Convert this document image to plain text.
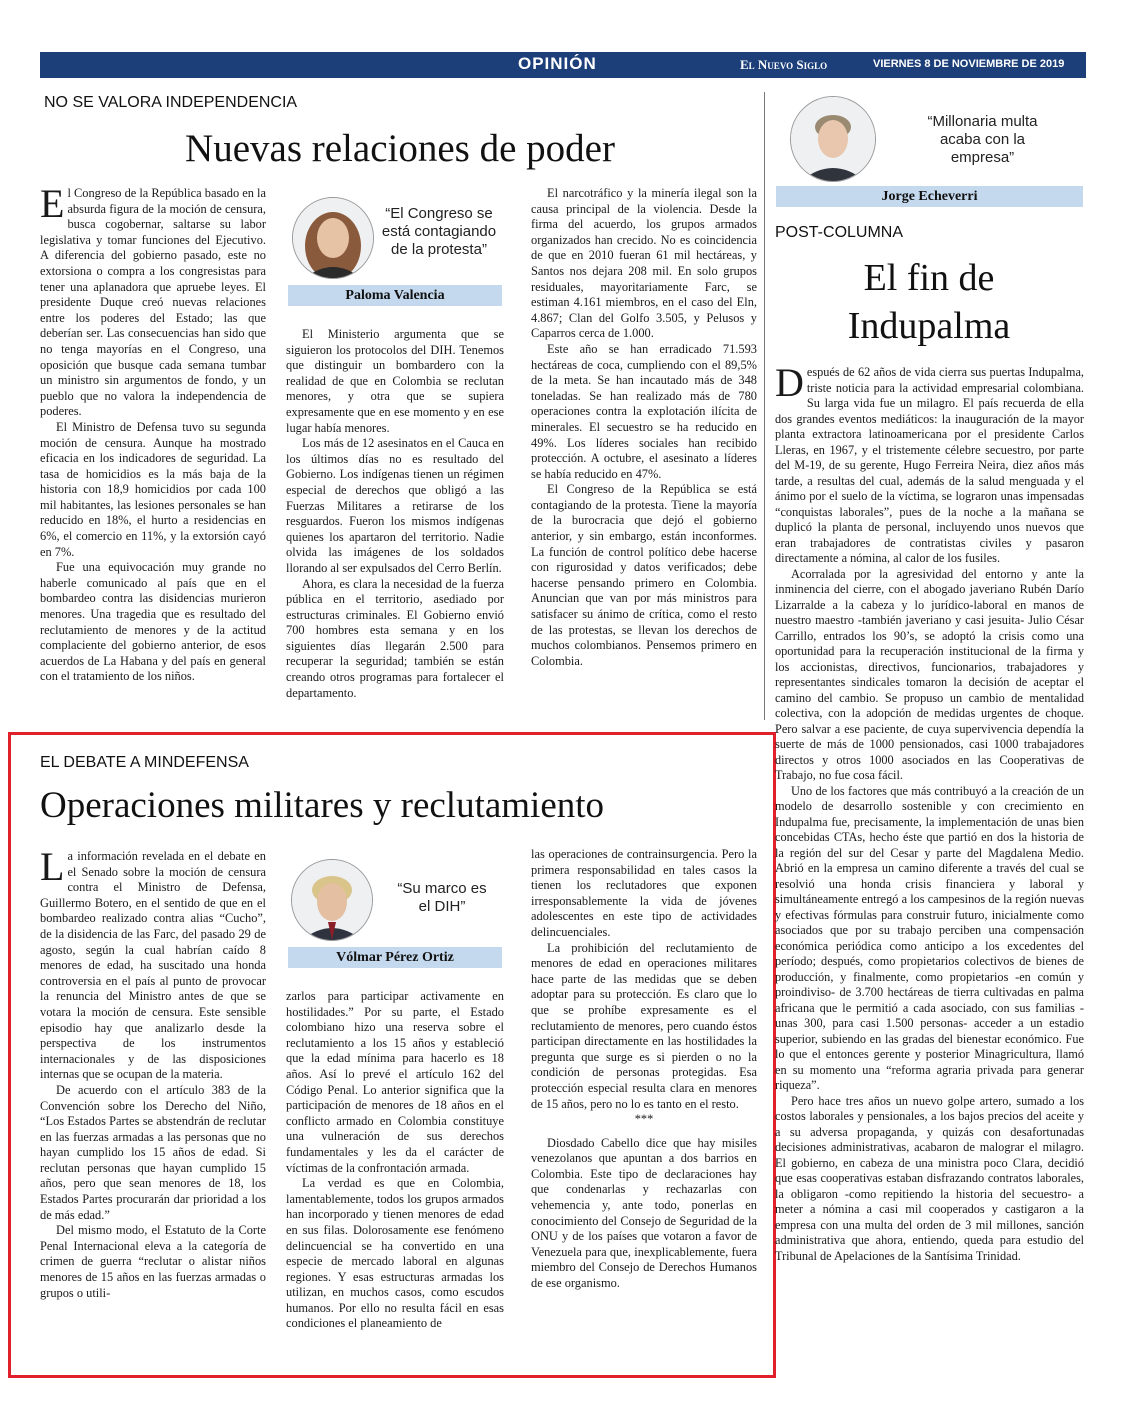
OPINIÓN	El Nuevo Siglo	VIERNES 8 DE NOVIEMBRE DE 2019 9A
NO SE VALORA INDEPENDENCIA
Nuevas relaciones de poder

El Congreso de la República basado en la absurda figura de la moción de censura, busca cogobernar, saltarse su labor legislativa y tomar funciones del Ejecutivo. A diferencia del gobierno pasado, este no extorsiona o compra a los congresistas para tener una aplanadora que apruebe leyes. El presidente Duque creó nuevas relaciones entre los poderes del Estado; las que deberían ser. Las consecuencias han sido que no tenga mayorías en el Congreso, una oposición que busque cada semana tumbar un ministro sin argumentos de fondo, y un pueblo que no valora la independencia de poderes.

El Ministro de Defensa tuvo su segunda moción de censura. Aunque ha mostrado eficacia en los indicadores de seguridad. La tasa de homicidios es la más baja de la historia con 18,9 homicidios por cada 100 mil habitantes, las lesiones personales se han reducido en 18%, el hurto a residencias en 6%, el comercio en 11%, y la extorsión cayó en 7%.

Fue una equivocación muy grande no haberle comunicado al país que en el bombardeo contra las disidencias murieron menores. Una tragedia que es resultado del reclutamiento de menores y de la actitud complaciente del gobierno anterior, de esos acuerdos de La Habana y del país en general con el tratamiento de los niños.

“El Congreso se está contagiando de la protesta”
Paloma Valencia

El Ministerio argumenta que se siguieron los protocolos del DIH. Tenemos que distinguir un bombardero con la realidad de que en Colombia se reclutan menores, y otra que se supiera expresamente que en ese momento y en ese lugar había menores.

Los más de 12 asesinatos en el Cauca en los últimos días no es resultado del Gobierno. Los indígenas tienen un régimen especial de derechos que obligó a las Fuerzas Militares a retirarse de los resguardos. Fueron los mismos indígenas quienes los apartaron del territorio. Nadie olvida las imágenes de los soldados llorando al ser expulsados del Cerro Berlín.

Ahora, es clara la necesidad de la fuerza pública en el territorio, asediado por estructuras criminales. El Gobierno envió 700 hombres esta semana y en los siguientes días llegarán 2.500 para recuperar la seguridad; también se están creando otros programas para fortalecer el departamento.

El narcotráfico y la minería ilegal son la causa principal de la violencia. Desde la firma del acuerdo, los grupos armados organizados han crecido. No es coincidencia de que en 2010 fueran 61 mil hectáreas, y Santos nos dejara 208 mil. En solo grupos residuales, mayoritariamente Farc, se estiman 4.161 miembros, en el caso del Eln, 4.867; Clan del Golfo 3.505, y Pelusos y Caparros cerca de 1.000.

Este año se han erradicado 71.593 hectáreas de coca, cumpliendo con el 89,5% de la meta. Se han incautado más de 348 toneladas. Se han realizado más de 780 operaciones contra la explotación ilícita de minerales. El secuestro se ha reducido en 49%. Los líderes sociales han recibido protección. A octubre, el asesinato a líderes se había reducido en 47%.

El Congreso de la República se está contagiando de la protesta. Tiene la mayoría de la burocracia que dejó el gobierno anterior, y sin embargo, están inconformes. La función de control político debe hacerse con rigurosidad y datos verificados; debe hacerse pensando primero en Colombia. Anuncian que van por más ministros para satisfacer su ánimo de crítica, como el resto de las protestas, se llevan los derechos de muchos colombianos. Pensemos primero en Colombia.

EL DEBATE A MINDEFENSA
Operaciones militares y reclutamiento

La información revelada en el debate en el Senado sobre la moción de censura contra el Ministro de Defensa, Guillermo Botero, en el sentido de que en el bombardeo realizado contra alias “Cucho”, de la disidencia de las Farc, del pasado 29 de agosto, según la cual habrían caído 8 menores de edad, ha suscitado una honda controversia en el país al punto de provocar la renuncia del Ministro antes de que se votara la moción de censura. Este sensible episodio hay que analizarlo desde la perspectiva de los instrumentos internacionales y de las disposiciones internas que se ocupan de la materia.

De acuerdo con el artículo 383 de la Convención sobre los Derecho del Niño, “Los Estados Partes se abstendrán de reclutar en las fuerzas armadas a las personas que no hayan cumplido los 15 años de edad. Si reclutan personas que hayan cumplido 15 años, pero que sean menores de 18, los Estados Partes procurarán dar prioridad a los de más edad.”

Del mismo modo, el Estatuto de la Corte Penal Internacional eleva a la categoría de crimen de guerra “reclutar o alistar niños menores de 15 años en las fuerzas armadas o grupos o utili-

“Su marco es el DIH”
Vólmar Pérez Ortiz

zarlos para participar activamente en hostilidades.” Por su parte, el Estado colombiano hizo una reserva sobre el reclutamiento a los 15 años y estableció que la edad mínima para hacerlo es 18 años. Así lo prevé el artículo 162 del Código Penal. Lo anterior significa que la participación de menores de 18 años en el conflicto armado en Colombia constituye una vulneración de sus derechos fundamentales y les da el carácter de víctimas de la confrontación armada.

La verdad es que en Colombia, lamentablemente, todos los grupos armados han incorporado y tienen menores de edad en sus filas. Dolorosamente ese fenómeno delincuencial se ha convertido en una especie de mercado laboral en algunas regiones. Y esas estructuras armadas los utilizan, en muchos casos, como escudos humanos. Por ello no resulta fácil en esas condiciones el planeamiento de

las operaciones de contrainsurgencia. Pero la primera responsabilidad en tales casos la tienen los reclutadores que exponen irresponsablemente la vida de jóvenes adolescentes en este tipo de actividades delincuenciales.

La prohibición del reclutamiento de menores de edad en operaciones militares hace parte de las medidas que se deben adoptar para su protección. Es claro que lo que se prohíbe expresamente es el reclutamiento de menores, pero cuando éstos participan directamente en las hostilidades la pregunta que surge es si pierden o no la condición de personas protegidas. Esa protección especial resulta clara en menores de 15 años, pero no lo es tanto en el resto.

***

Diosdado Cabello dice que hay misiles venezolanos que apuntan a dos barrios en Colombia. Este tipo de declaraciones hay que condenarlas y rechazarlas con vehemencia y, ante todo, ponerlas en conocimiento del Consejo de Seguridad de la ONU y de los países que votaron a favor de Venezuela para que, inexplicablemente, fuera miembro del Consejo de Derechos Humanos de ese organismo.

“Millonaria multa acaba con la empresa”
Jorge Echeverri
POST-COLUMNA
El fin de
Indupalma

Después de 62 años de vida cierra sus puertas Indupalma, triste noticia para la actividad empresarial colombiana. Su larga vida fue un milagro. El país recuerda de ella dos grandes eventos mediáticos: la inauguración de la mayor planta extractora latinoamericana por el presidente Carlos Lleras, en 1967, y el tristemente célebre secuestro, por parte del M-19, de su gerente, Hugo Ferreira Neira, diez años más tarde, a resultas del cual, además de la salud menguada y el ánimo por el suelo de la víctima, se lograron unas impensadas “conquistas laborales”, pues de la noche a la mañana se duplicó la planta de personal, incluyendo unos nuevos que eran trabajadores de contratistas civiles y pasaron directamente a nómina, al calor de los fusiles.

Acorralada por la agresividad del entorno y ante la inminencia del cierre, con el abogado javeriano Rubén Darío Lizarralde a la cabeza y lo jurídico-laboral en manos de nuestro maestro -también javeriano y casi jesuita- Julio César Carrillo, entrados los 90’s, se adoptó la crisis como una oportunidad para la recuperación institucional de la firma y los accionistas, directivos, funcionarios, trabajadores y representantes sindicales tomaron la decisión de aceptar el camino del cambio. Se propuso un cambio de mentalidad colectiva, con la adopción de medidas urgentes de choque. Pero salvar a ese paciente, de cuya supervivencia dependía la suerte de más de 1000 pensionados, casi 1000 trabajadores directos y otros 1000 asociados en las Cooperativas de Trabajo, no fue cosa fácil.

Uno de los factores que más contribuyó a la creación de un modelo de desarrollo sostenible y con crecimiento en Indupalma fue, precisamente, la implementación de unas bien concebidas CTAs, hecho éste que partió en dos la historia de la región del sur del Cesar y parte del Magdalena Medio. Abrió en la empresa un camino diferente a través del cual se resolvió una honda crisis financiera y laboral y simultáneamente entregó a los campesinos de la región nuevas y efectivas fórmulas para construir futuro, inicialmente como asociados que por su trabajo perciben una compensación económica periódica como anticipo a los excedentes del período; después, como propietarios colectivos de bienes de producción, y finalmente, como propietarios -en común y proindiviso- de 3.700 hectáreas de tierra cultivadas en palma africana que le permitió a cada asociado, con sus familias -unas 300, para casi 1.500 personas- acceder a un estadio superior, subiendo en las gradas del bienestar económico. Fue lo que el entonces gerente y posterior Minagricultura, llamó en su momento una “reforma agraria privada para generar riqueza”.

Pero hace tres años un nuevo golpe artero, sumado a los costos laborales y pensionales, a los bajos precios del aceite y a su adversa propaganda, y quizás con desafortunadas decisiones administrativas, acabaron de malograr el milagro. El gobierno, en cabeza de una ministra poco Clara, decidió que esas cooperativas estaban disfrazando contratos laborales, la obligaron -como repitiendo la historia del secuestro- a meter a nómina a casi mil cooperados y castigaron a la empresa con una multa del orden de 3 mil millones, sanción administrativa que ahora, entiendo, queda para estudio del Tribunal de Apelaciones de la Santísima Trinidad.
